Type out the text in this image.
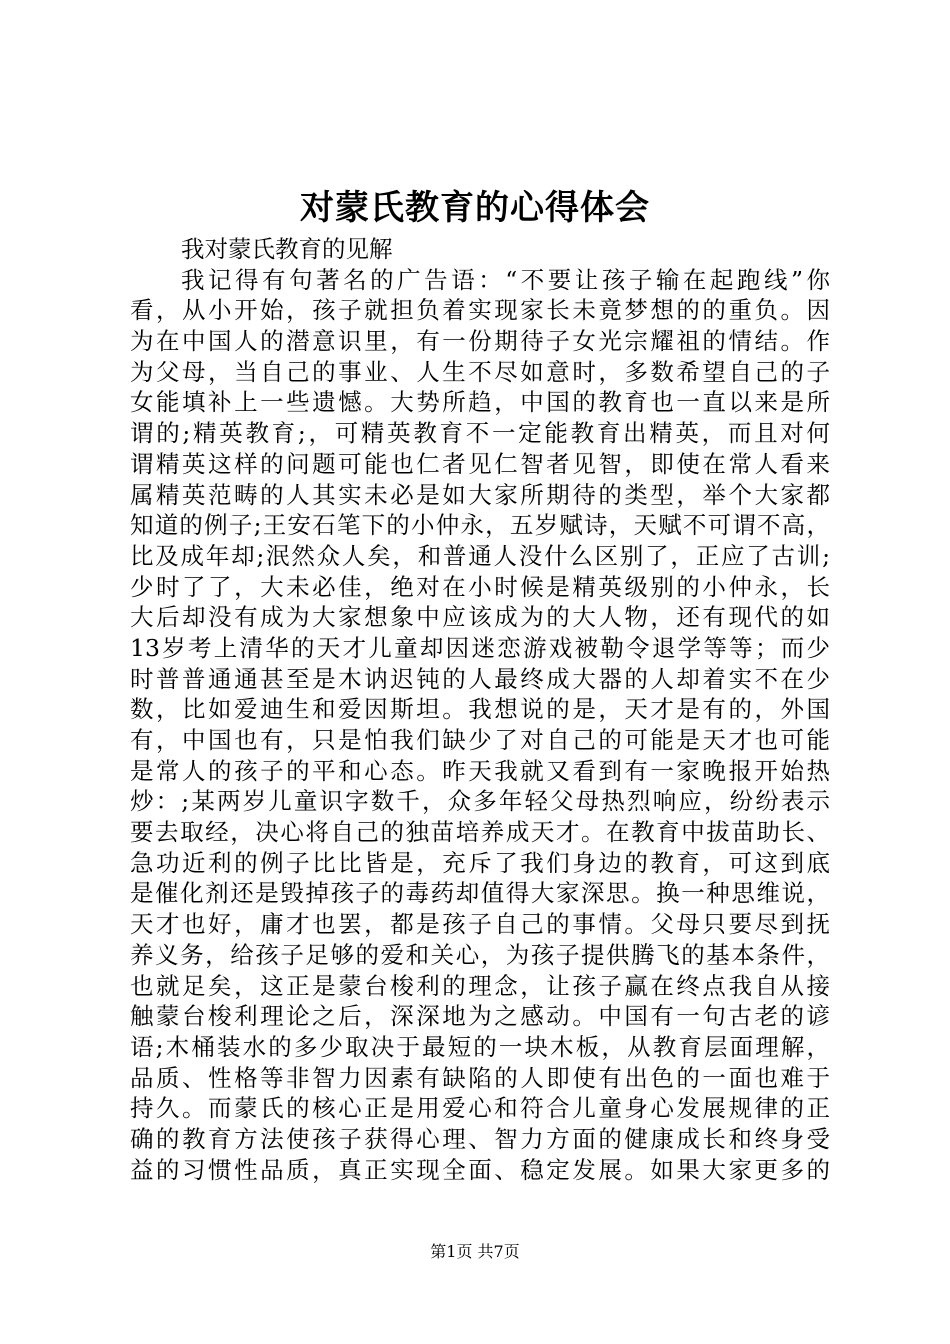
对蒙氏教育的心得体会
我对蒙氏教育的见解
我记得有句著名的广告语：“不要让孩子输在起跑线”你
看，从小开始，孩子就担负着实现家长未竟梦想的的重负。因
为在中国人的潜意识里，有一份期待子女光宗耀祖的情结。作
为父母，当自己的事业、人生不尽如意时，多数希望自己的子
女能填补上一些遗憾。大势所趋，中国的教育也一直以来是所
谓的;精英教育;，可精英教育不一定能教育出精英，而且对何
谓精英这样的问题可能也仁者见仁智者见智，即使在常人看来
属精英范畴的人其实未必是如大家所期待的类型，举个大家都
知道的例子;王安石笔下的小仲永，五岁赋诗，天赋不可谓不高，
比及成年却;泯然众人矣，和普通人没什么区别了，正应了古训;
少时了了，大未必佳，绝对在小时候是精英级别的小仲永，长
大后却没有成为大家想象中应该成为的大人物，还有现代的如
13岁考上清华的天才儿童却因迷恋游戏被勒令退学等等；而少
时普普通通甚至是木讷迟钝的人最终成大器的人却着实不在少
数，比如爱迪生和爱因斯坦。我想说的是，天才是有的，外国
有，中国也有，只是怕我们缺少了对自己的可能是天才也可能
是常人的孩子的平和心态。昨天我就又看到有一家晚报开始热
炒：;某两岁儿童识字数千，众多年轻父母热烈响应，纷纷表示
要去取经，决心将自己的独苗培养成天才。在教育中拔苗助长、
急功近利的例子比比皆是，充斥了我们身边的教育，可这到底
是催化剂还是毁掉孩子的毒药却值得大家深思。换一种思维说，
天才也好，庸才也罢，都是孩子自己的事情。父母只要尽到抚
养义务，给孩子足够的爱和关心，为孩子提供腾飞的基本条件，
也就足矣，这正是蒙台梭利的理念，让孩子赢在终点我自从接
触蒙台梭利理论之后，深深地为之感动。中国有一句古老的谚
语;木桶装水的多少取决于最短的一块木板，从教育层面理解，
品质、性格等非智力因素有缺陷的人即使有出色的一面也难于
持久。而蒙氏的核心正是用爱心和符合儿童身心发展规律的正
确的教育方法使孩子获得心理、智力方面的健康成长和终身受
益的习惯性品质，真正实现全面、稳定发展。如果大家更多的
第1页 共7页
